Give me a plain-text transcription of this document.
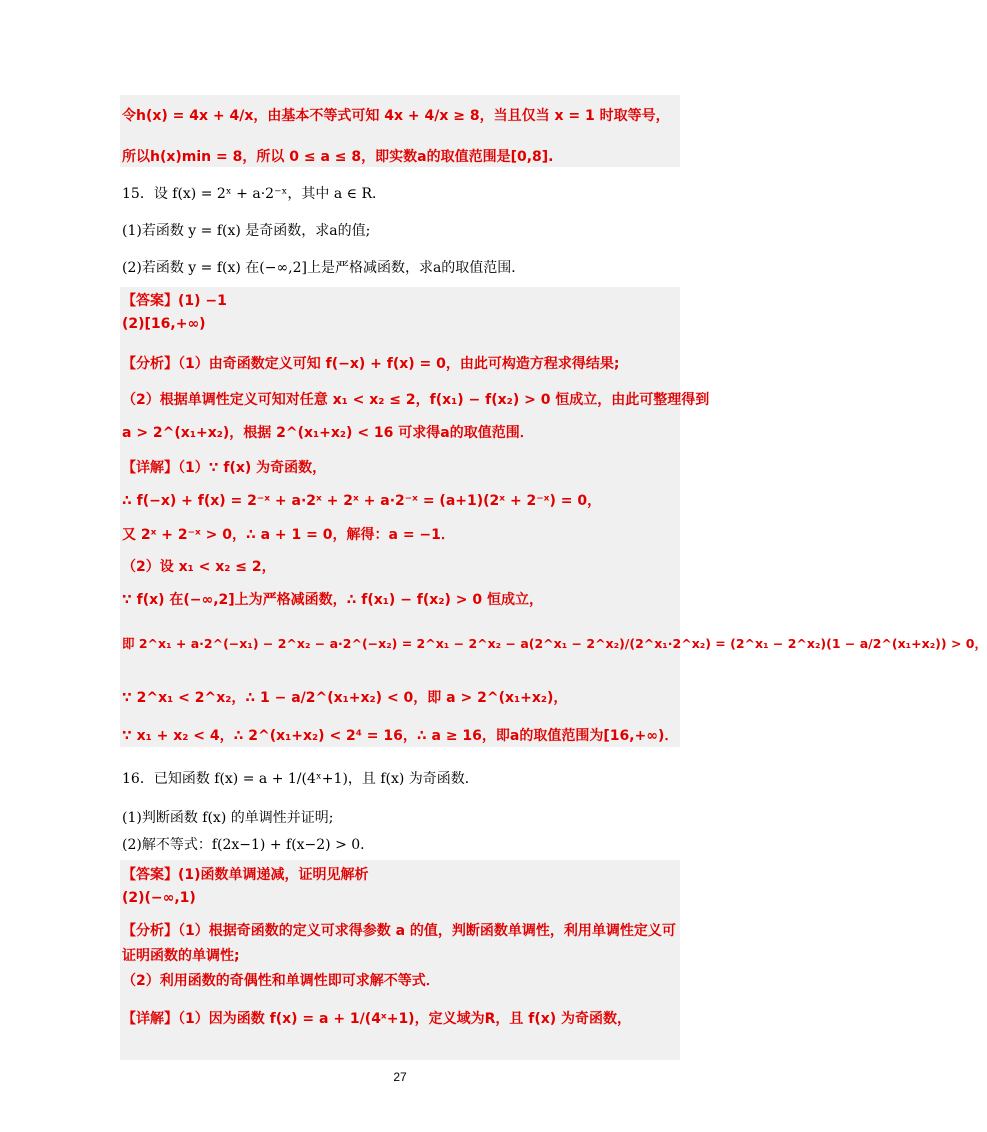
令h(x) = 4x + 4/x，由基本不等式可知 4x + 4/x ≥ 8，当且仅当 x = 1 时取等号，
所以h(x)min = 8，所以 0 ≤ a ≤ 8，即实数a的取值范围是[0,8].
15．设 f(x) = 2ˣ + a·2⁻ˣ，其中 a ∈ R．
(1)若函数 y = f(x) 是奇函数，求a的值;
(2)若函数 y = f(x) 在(−∞,2]上是严格减函数，求a的取值范围．
【答案】(1) −1
(2)[16,+∞)
【分析】（1）由奇函数定义可知 f(−x) + f(x) = 0，由此可构造方程求得结果;
（2）根据单调性定义可知对任意 x₁ < x₂ ≤ 2，f(x₁) − f(x₂) > 0 恒成立，由此可整理得到
a > 2^(x₁+x₂)，根据 2^(x₁+x₂) < 16 可求得a的取值范围．
【详解】（1）∵ f(x) 为奇函数，
∴ f(−x) + f(x) = 2⁻ˣ + a·2ˣ + 2ˣ + a·2⁻ˣ = (a+1)(2ˣ + 2⁻ˣ) = 0，
又 2ˣ + 2⁻ˣ > 0，∴ a + 1 = 0，解得：a = −1．
（2）设 x₁ < x₂ ≤ 2，
∵ f(x) 在(−∞,2]上为严格减函数，∴ f(x₁) − f(x₂) > 0 恒成立，
即 2^x₁ + a·2^(−x₁) − 2^x₂ − a·2^(−x₂) = 2^x₁ − 2^x₂ − a(2^x₁ − 2^x₂)/(2^x₁·2^x₂) = (2^x₁ − 2^x₂)(1 − a/2^(x₁+x₂)) > 0，
∵ 2^x₁ < 2^x₂，∴ 1 − a/2^(x₁+x₂) < 0，即 a > 2^(x₁+x₂)，
∵ x₁ + x₂ < 4，∴ 2^(x₁+x₂) < 2⁴ = 16，∴ a ≥ 16，即a的取值范围为[16,+∞)．
16．已知函数 f(x) = a + 1/(4ˣ+1)，且 f(x) 为奇函数．
(1)判断函数 f(x) 的单调性并证明;
(2)解不等式：f(2x−1) + f(x−2) > 0．
【答案】(1)函数单调递减，证明见解析
(2)(−∞,1)
【分析】（1）根据奇函数的定义可求得参数 a 的值，判断函数单调性，利用单调性定义可
证明函数的单调性;
（2）利用函数的奇偶性和单调性即可求解不等式．
【详解】（1）因为函数 f(x) = a + 1/(4ˣ+1)，定义域为R，且 f(x) 为奇函数，
27
